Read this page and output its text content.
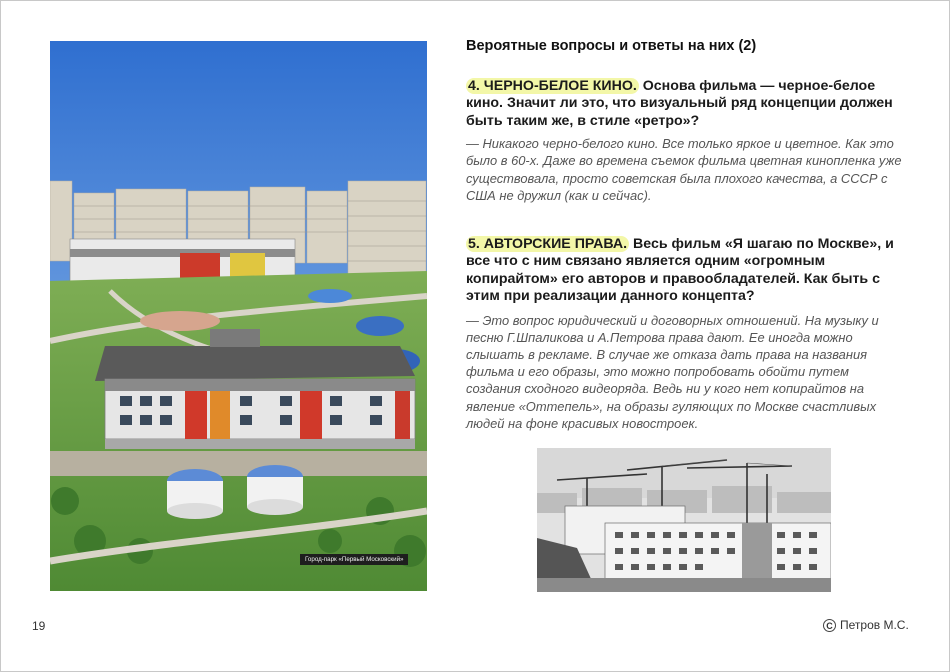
Город-парк «Первый Московский»
Вероятные вопросы и ответы на них (2)

4. ЧЕРНО-БЕЛОЕ КИНО. Основа фильма — черное-белое кино. Значит ли это, что визуальный ряд концепции должен быть таким же, в стиле «ретро»?

— Никакого черно-белого кино. Все только яркое и цветное. Как это было в 60-х. Даже во времена съемок фильма цветная кинопленка уже существовала, просто советская была плохого качества, а СССР с США не дружил (как и сейчас).

5. АВТОРСКИЕ ПРАВА. Весь фильм «Я шагаю по Москве», и все что с ним связано является одним «огромным копирайтом» его авторов и правообладателей. Как быть с этим при реализации данного концепта?

— Это вопрос юридический и договорных отношений. На музыку и песню Г.Шпаликова и А.Петрова права дают. Ее иногда можно слышать в рекламе. В случае же отказа дать права на названия фильма и его образы, это можно попробовать обойти путем создания сходного видеоряда. Ведь ни у кого нет копирайтов на явление «Оттепель», на образы гуляющих по Москве счастливых людей на фоне красивых новостроек.

19	C Петров М.С.
